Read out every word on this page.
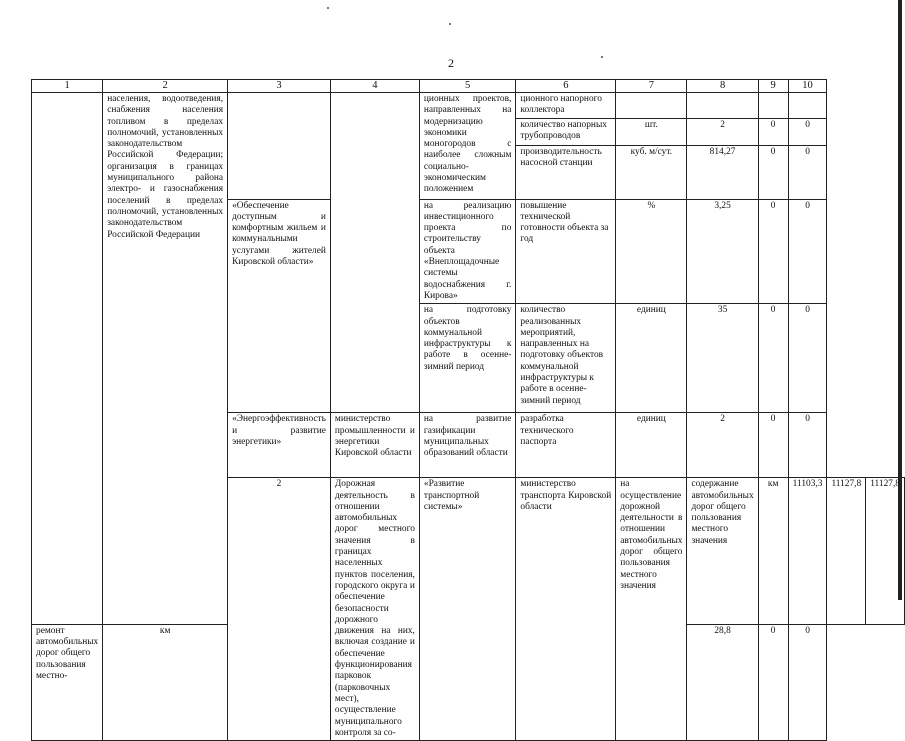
2
1	2	3	4	5	6	7	8	9	10		
	населения, водоотведения, снабжения населения топливом в пределах полномочий, установленных законодательством Российской Федерации; организация в границах муниципального района электро- и газоснабжения поселений в пределах полномочий, установленных законодательством Российской Федерации			ционных проектов, направленных на модернизацию экономики моногородов с наиболее сложным социально-экономическим положением	ционного напорного коллектора						
					количество напорных трубопроводов	шт.	2	0	0		
					производительность насосной станции	куб. м/сут.	814,27	0	0		
		«Обеспечение доступным и комфортным жильем и коммунальными услугами жителей Кировской области»		на реализацию инвестиционного проекта по строительству объекта «Внеплощадочные системы водоснабжения г. Кирова»	повышение технической готовности объекта за год	%	3,25	0	0		
				на подготовку объектов коммунальной инфраструктуры к работе в осенне-зимний период	количество реализованных мероприятий, направленных на подготовку объектов коммунальной инфраструктуры к работе в осенне-зимний период	единиц	35	0	0		
		«Энергоэффективность и развитие энергетики»	министерство промышленности и энергетики Кировской области	на развитие газификации муниципальных образований области	разработка технического паспорта	единиц	2	0	0		
		2	Дорожная деятельность в отношении автомобильных дорог местного значения в границах населенных пунктов поселения, городского округа и обеспечение безопасности дорожного движения на них, включая создание и обеспечение функционирования парковок (парковочных мест), осуществление муниципального контроля за со-	«Развитие транспортной системы»	министерство транспорта Кировской области	на осуществление дорожной деятельности в отношении автомобильных дорог общего пользования местного значения	содержание автомобильных дорог общего пользования местного значения	км	11103,3	11127,8	11127,8
ремонт автомобильных дорог общего пользования местно-	км						28,8	0	0		
